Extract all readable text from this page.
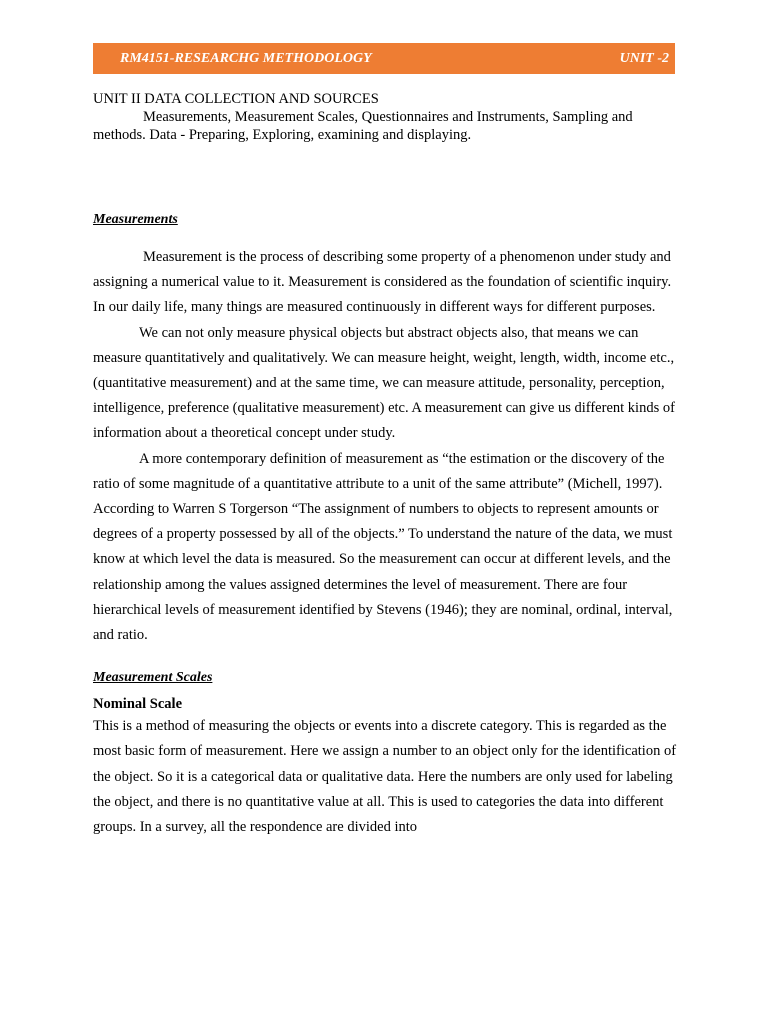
RM4151-RESEARCHG METHODOLOGY	UNIT -2

UNIT II DATA COLLECTION AND SOURCES

Measurements, Measurement Scales, Questionnaires and Instruments, Sampling and methods. Data - Preparing, Exploring, examining and displaying.

Measurements

Measurement is the process of describing some property of a phenomenon under study and assigning a numerical value to it. Measurement is considered as the foundation of scientific inquiry. In our daily life, many things are measured continuously in different ways for different purposes.

We can not only measure physical objects but abstract objects also, that means we can measure quantitatively and qualitatively. We can measure height, weight, length, width, income etc., (quantitative measurement) and at the same time, we can measure attitude, personality, perception, intelligence, preference (qualitative measurement) etc. A measurement can give us different kinds of information about a theoretical concept under study.

A more contemporary definition of measurement as “the estimation or the discovery of the ratio of some magnitude of a quantitative attribute to a unit of the same attribute” (Michell, 1997).

According to Warren S Torgerson “The assignment of numbers to objects to represent amounts or degrees of a property possessed by all of the objects.” To understand the nature of the data, we must know at which level the data is measured. So the measurement can occur at different levels, and the relationship among the values assigned determines the level of measurement. There are four hierarchical levels of measurement identified by Stevens (1946); they are nominal, ordinal, interval, and ratio.

Measurement Scales

Nominal Scale

This is a method of measuring the objects or events into a discrete category. This is regarded as the most basic form of measurement. Here we assign a number to an object only for the identification of the object. So it is a categorical data or qualitative data. Here the numbers are only used for labeling the object, and there is no quantitative value at all. This is used to categories the data into different groups. In a survey, all the respondence are divided into
